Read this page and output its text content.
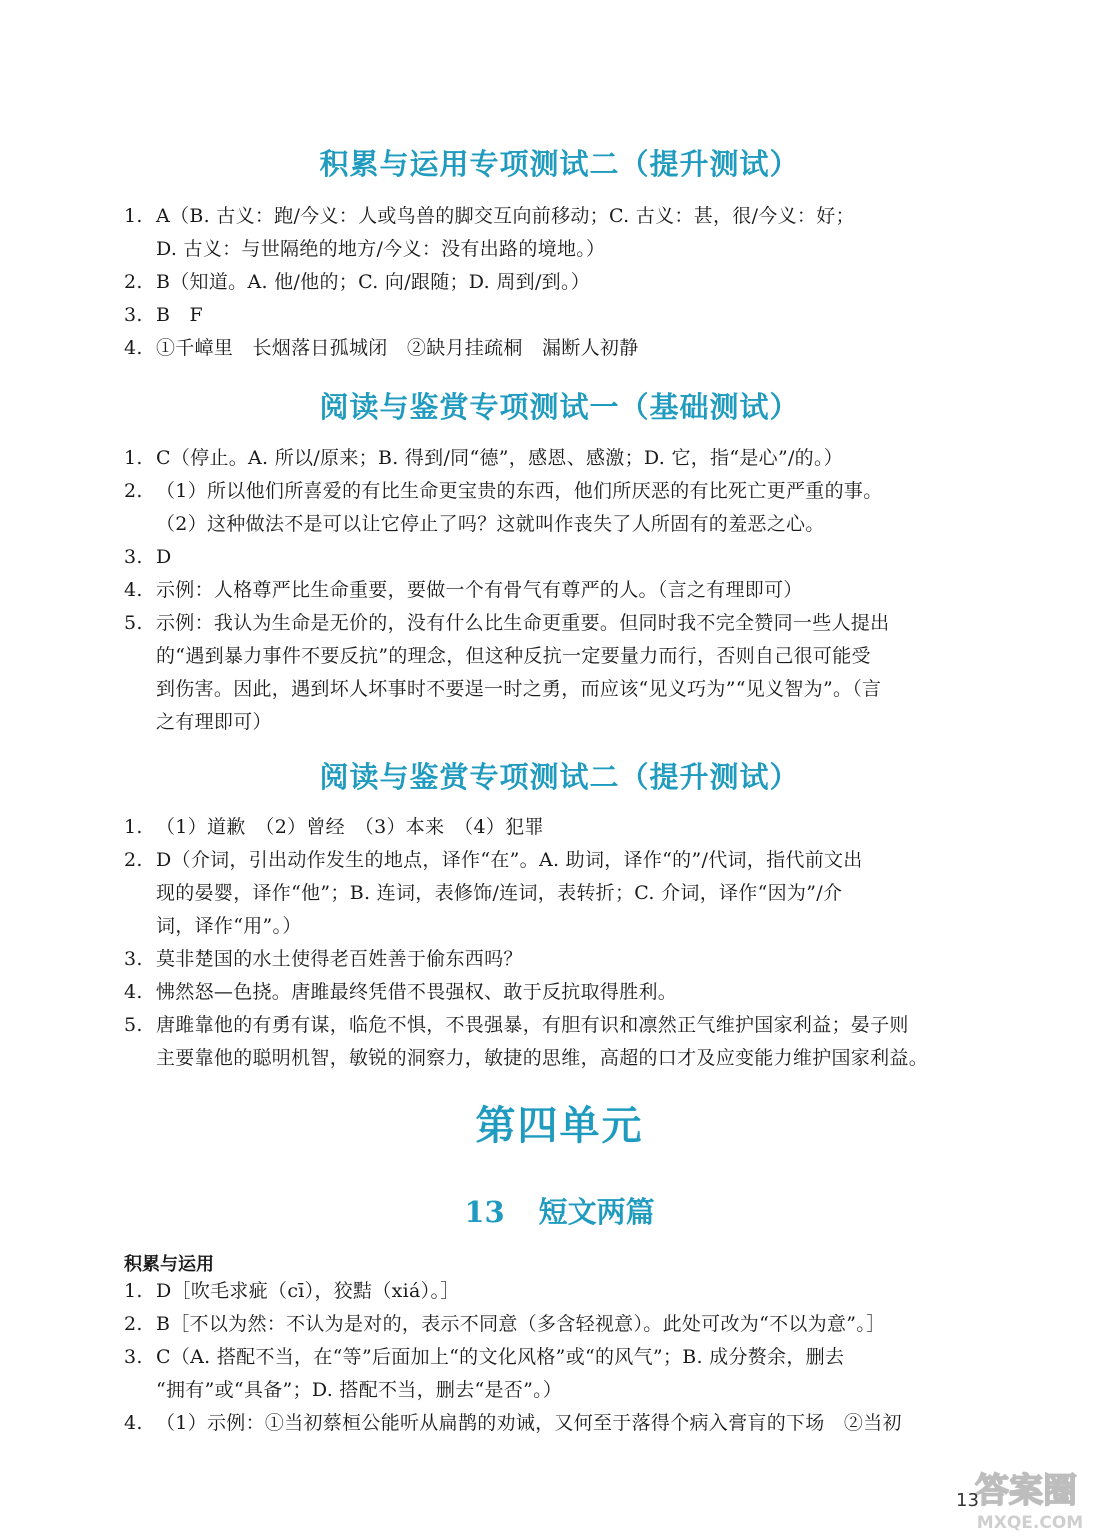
积累与运用专项测试二（提升测试）
1. A（B. 古义：跑/今义：人或鸟兽的脚交互向前移动；C. 古义：甚，很/今义：好；
D. 古义：与世隔绝的地方/今义：没有出路的境地。）
2. B（知道。A. 他/他的；C. 向/跟随；D. 周到/到。）
3. B　F
4. ①千嶂里　长烟落日孤城闭　②缺月挂疏桐　漏断人初静
阅读与鉴赏专项测试一（基础测试）
1. C（停止。A. 所以/原来；B. 得到/同“德”，感恩、感激；D. 它，指“是心”/的。）
2. （1）所以他们所喜爱的有比生命更宝贵的东西，他们所厌恶的有比死亡更严重的事。
（2）这种做法不是可以让它停止了吗？这就叫作丧失了人所固有的羞恶之心。
3. D
4. 示例：人格尊严比生命重要，要做一个有骨气有尊严的人。（言之有理即可）
5. 示例：我认为生命是无价的，没有什么比生命更重要。但同时我不完全赞同一些人提出
的“遇到暴力事件不要反抗”的理念，但这种反抗一定要量力而行，否则自己很可能受
到伤害。因此，遇到坏人坏事时不要逞一时之勇，而应该“见义巧为”“见义智为”。（言
之有理即可）
阅读与鉴赏专项测试二（提升测试）
1. （1）道歉　（2）曾经　（3）本来　（4）犯罪
2. D（介词，引出动作发生的地点，译作“在”。A. 助词，译作“的”/代词，指代前文出
现的晏婴，译作“他”；B. 连词，表修饰/连词，表转折；C. 介词，译作“因为”/介
词，译作“用”。）
3. 莫非楚国的水土使得老百姓善于偷东西吗？
4. 怫然怒—色挠。唐雎最终凭借不畏强权、敢于反抗取得胜利。
5. 唐雎靠他的有勇有谋，临危不惧，不畏强暴，有胆有识和凛然正气维护国家利益；晏子则
主要靠他的聪明机智，敏锐的洞察力，敏捷的思维，高超的口才及应变能力维护国家利益。
第四单元
13 短文两篇
积累与运用
1. D［吹毛求疵（cī），狡黠（xiá）。］
2. B［不以为然：不认为是对的，表示不同意（多含轻视意）。此处可改为“不以为意”。］
3. C（A. 搭配不当，在“等”后面加上“的文化风格”或“的风气”；B. 成分赘余，删去
“拥有”或“具备”；D. 搭配不当，删去“是否”。）
4. （1）示例：①当初蔡桓公能听从扁鹊的劝诫，又何至于落得个病入膏肓的下场　②当初
答案圈
MXQE.COM
13
